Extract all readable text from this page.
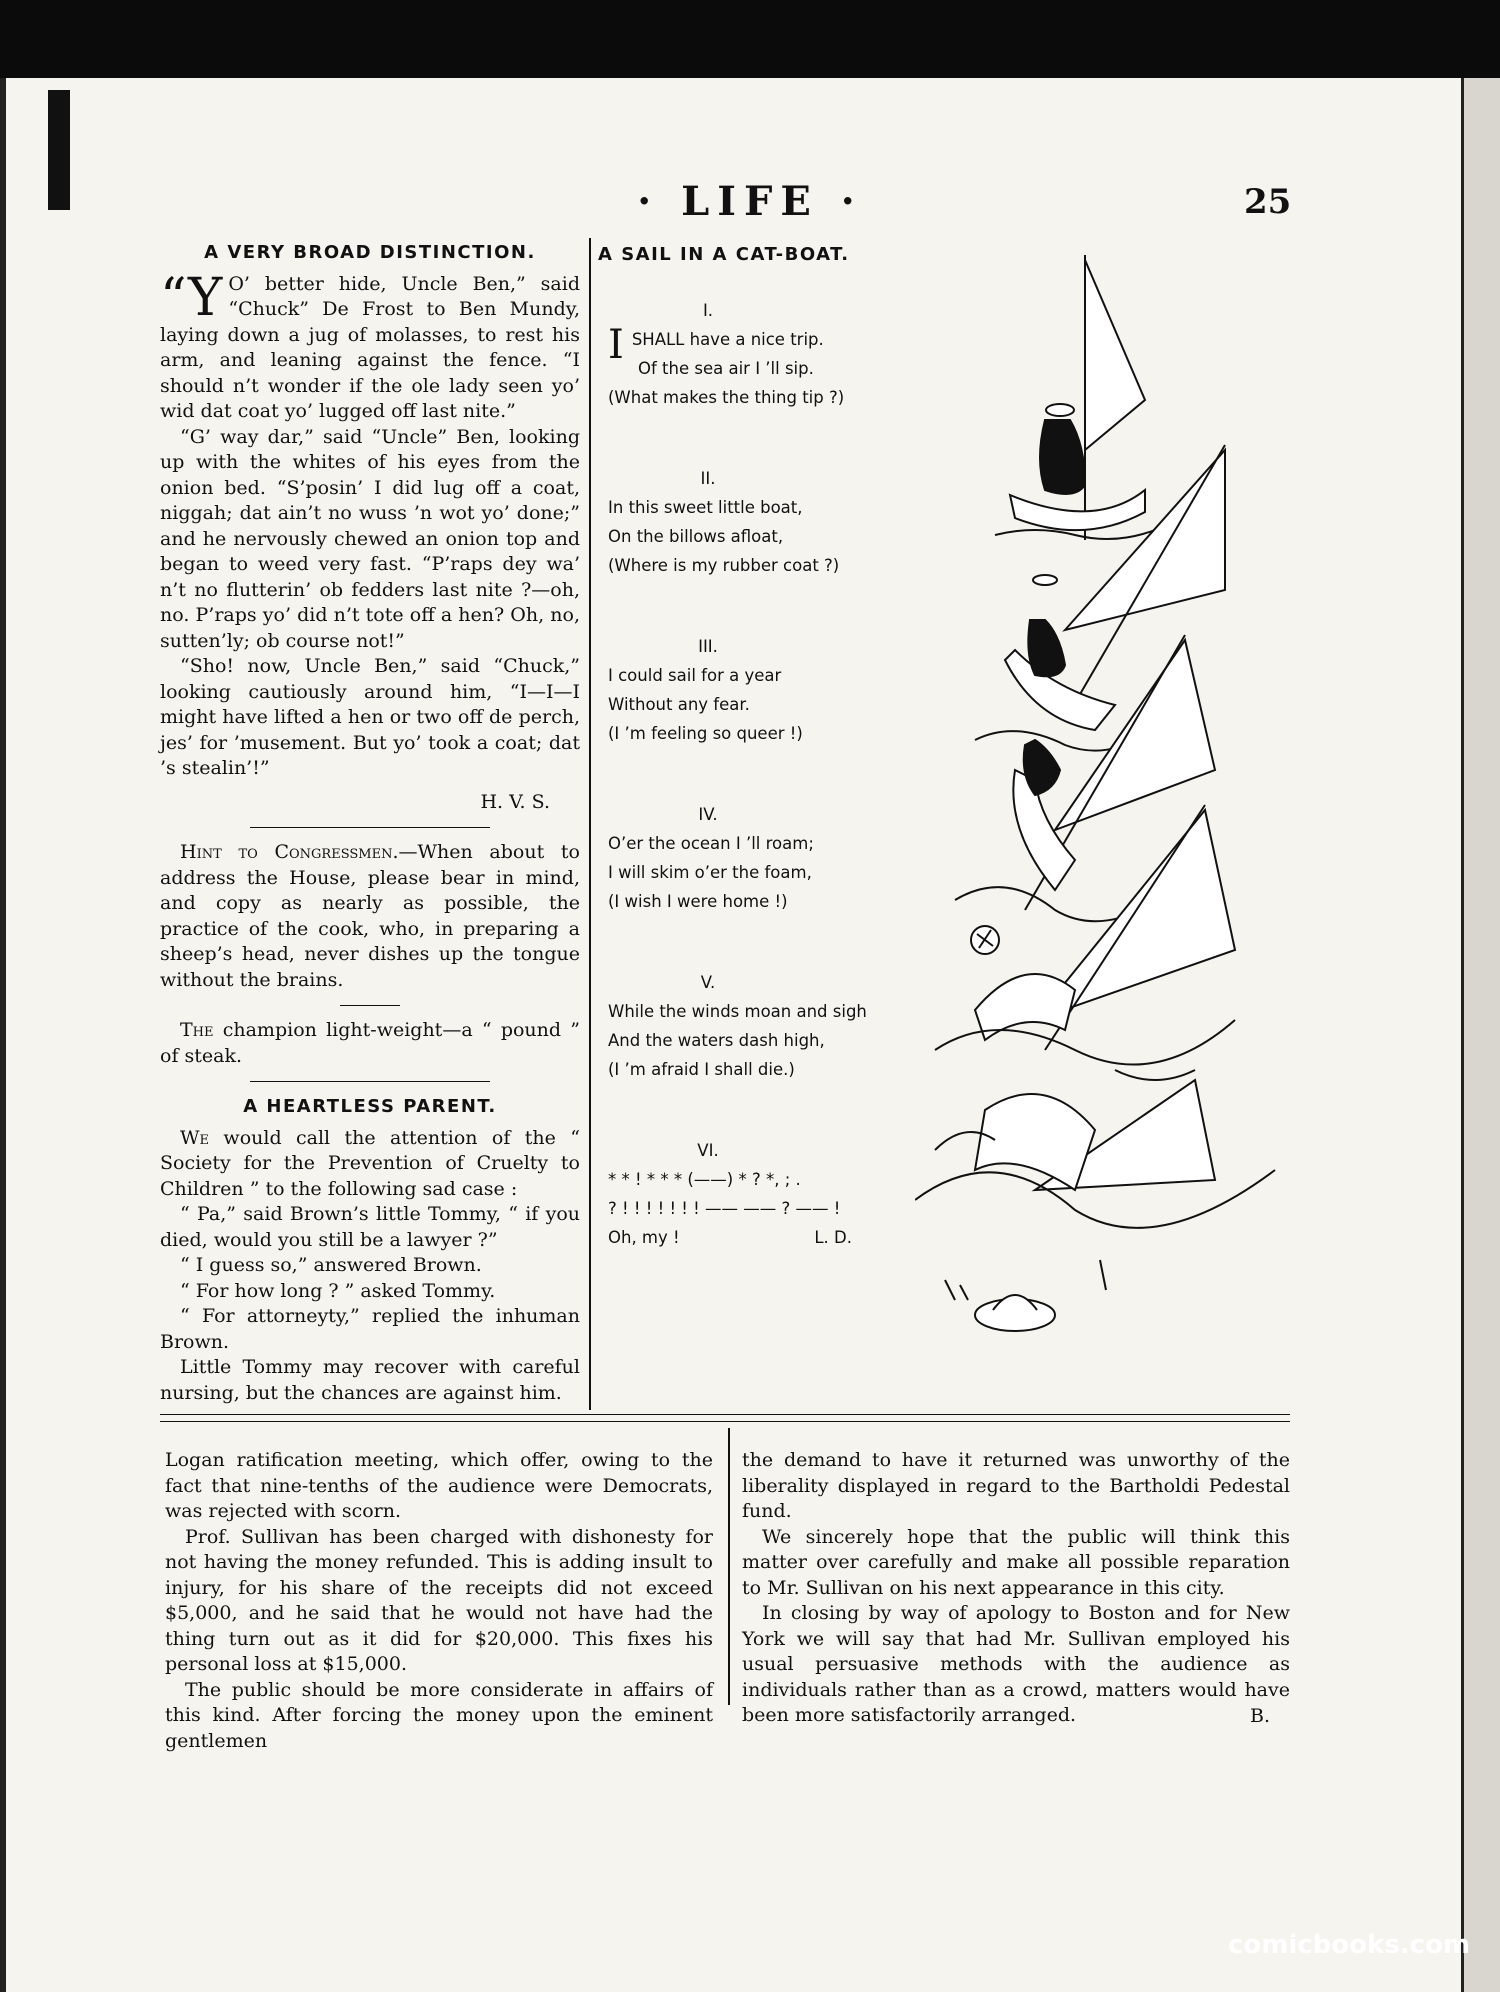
· LIFE ·	25
A VERY BROAD DISTINCTION.

“Y O’ better hide, Uncle Ben,” said “Chuck” De Frost to Ben Mundy, laying down a jug of molasses, to rest his arm, and leaning against the fence. “I should n’t wonder if the ole lady seen yo’ wid dat coat yo’ lugged off last nite.”

“G’ way dar,” said “Uncle” Ben, looking up with the whites of his eyes from the onion bed. “S’posin’ I did lug off a coat, niggah; dat ain’t no wuss ’n wot yo’ done;” and he nervously chewed an onion top and began to weed very fast. “P’raps dey wa’ n’t no flutterin’ ob fedders last nite ?—oh, no. P’raps yo’ did n’t tote off a hen? Oh, no, sutten’ly; ob course not!”

“Sho! now, Uncle Ben,” said “Chuck,” looking cautiously around him, “I—I—I might have lifted a hen or two off de perch, jes’ for ’musement. But yo’ took a coat; dat ’s stealin’!”

H. V. S.

Hint to Congressmen.—When about to address the House, please bear in mind, and copy as nearly as possible, the practice of the cook, who, in preparing a sheep’s head, never dishes up the tongue without the brains.

The champion light-weight—a “ pound ” of steak.

A HEARTLESS PARENT.

We would call the attention of the “ Society for the Prevention of Cruelty to Children ” to the following sad case :

“ Pa,” said Brown’s little Tommy, “ if you died, would you still be a lawyer ?”

“ I guess so,” answered Brown.

“ For how long ? ” asked Tommy.

“ For attorneyty,” replied the inhuman Brown.

Little Tommy may recover with careful nursing, but the chances are against him.

A SAIL IN A CAT-BOAT.

I.

ISHALL have a nice trip.

Of the sea air I ’ll sip.

(What makes the thing tip ?)

II.

In this sweet little boat,

On the billows afloat,

(Where is my rubber coat ?)

III.

I could sail for a year

Without any fear.

(I ’m feeling so queer !)

IV.

O’er the ocean I ’ll roam;

I will skim o’er the foam,

(I wish I were home !)

V.

While the winds moan and sigh

And the waters dash high,

(I ’m afraid I shall die.)

VI.

* * ! * * * (——) * ? *, ; .

? ! ! ! ! ! ! ! —— —— ? —— !

Oh, my !	L. D.

Logan ratification meeting, which offer, owing to the fact that nine-tenths of the audience were Democrats, was rejected with scorn.

Prof. Sullivan has been charged with dishonesty for not having the money refunded. This is adding insult to injury, for his share of the receipts did not exceed $5,000, and he said that he would not have had the thing turn out as it did for $20,000. This fixes his personal loss at $15,000.

The public should be more considerate in affairs of this kind. After forcing the money upon the eminent gentlemen

the demand to have it returned was unworthy of the liberality displayed in regard to the Bartholdi Pedestal fund.

We sincerely hope that the public will think this matter over carefully and make all possible reparation to Mr. Sullivan on his next appearance in this city.

In closing by way of apology to Boston and for New York we will say that had Mr. Sullivan employed his usual persuasive methods with the audience as individuals rather than as a crowd, matters would have been more satisfactorily arranged.	B.
comicbooks.com
